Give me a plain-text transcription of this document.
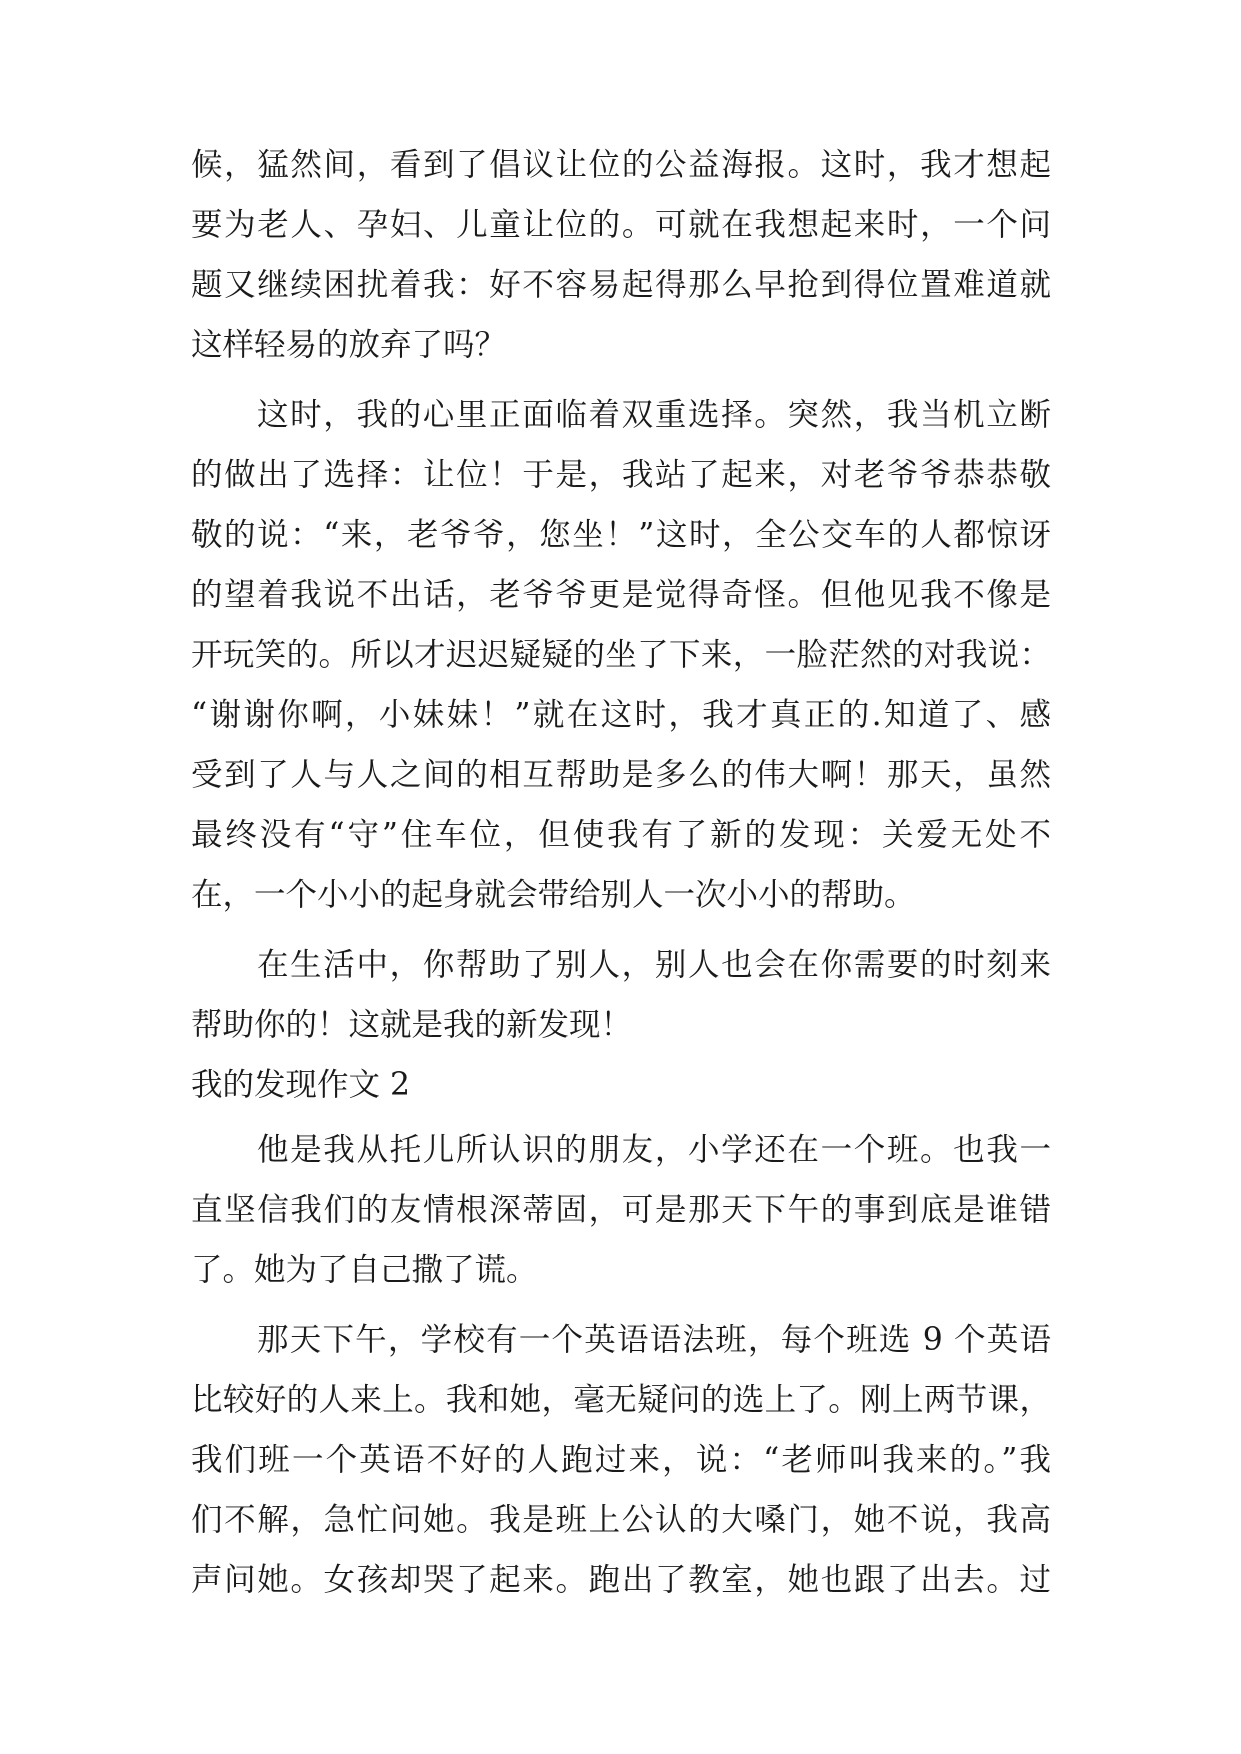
候，猛然间，看到了倡议让位的公益海报。这时，我才想起
要为老人、孕妇、儿童让位的。可就在我想起来时，一个问
题又继续困扰着我：好不容易起得那么早抢到得位置难道就
这样轻易的放弃了吗？
这时，我的心里正面临着双重选择。突然，我当机立断
的做出了选择：让位！于是，我站了起来，对老爷爷恭恭敬
敬的说：“来，老爷爷，您坐！”这时，全公交车的人都惊讶
的望着我说不出话，老爷爷更是觉得奇怪。但他见我不像是
开玩笑的。所以才迟迟疑疑的坐了下来，一脸茫然的对我说：
“谢谢你啊，小妹妹！”就在这时，我才真正的.知道了、感
受到了人与人之间的相互帮助是多么的伟大啊！那天，虽然
最终没有“守”住车位，但使我有了新的发现：关爱无处不
在，一个小小的起身就会带给别人一次小小的帮助。
在生活中，你帮助了别人，别人也会在你需要的时刻来
帮助你的！这就是我的新发现！
我的发现作文 2
他是我从托儿所认识的朋友，小学还在一个班。也我一
直坚信我们的友情根深蒂固，可是那天下午的事到底是谁错
了。她为了自己撒了谎。
那天下午，学校有一个英语语法班，每个班选 9 个英语
比较好的人来上。我和她，毫无疑问的选上了。刚上两节课，
我们班一个英语不好的人跑过来，说：“老师叫我来的。”我
们不解，急忙问她。我是班上公认的大嗓门，她不说，我高
声问她。女孩却哭了起来。跑出了教室，她也跟了出去。过
